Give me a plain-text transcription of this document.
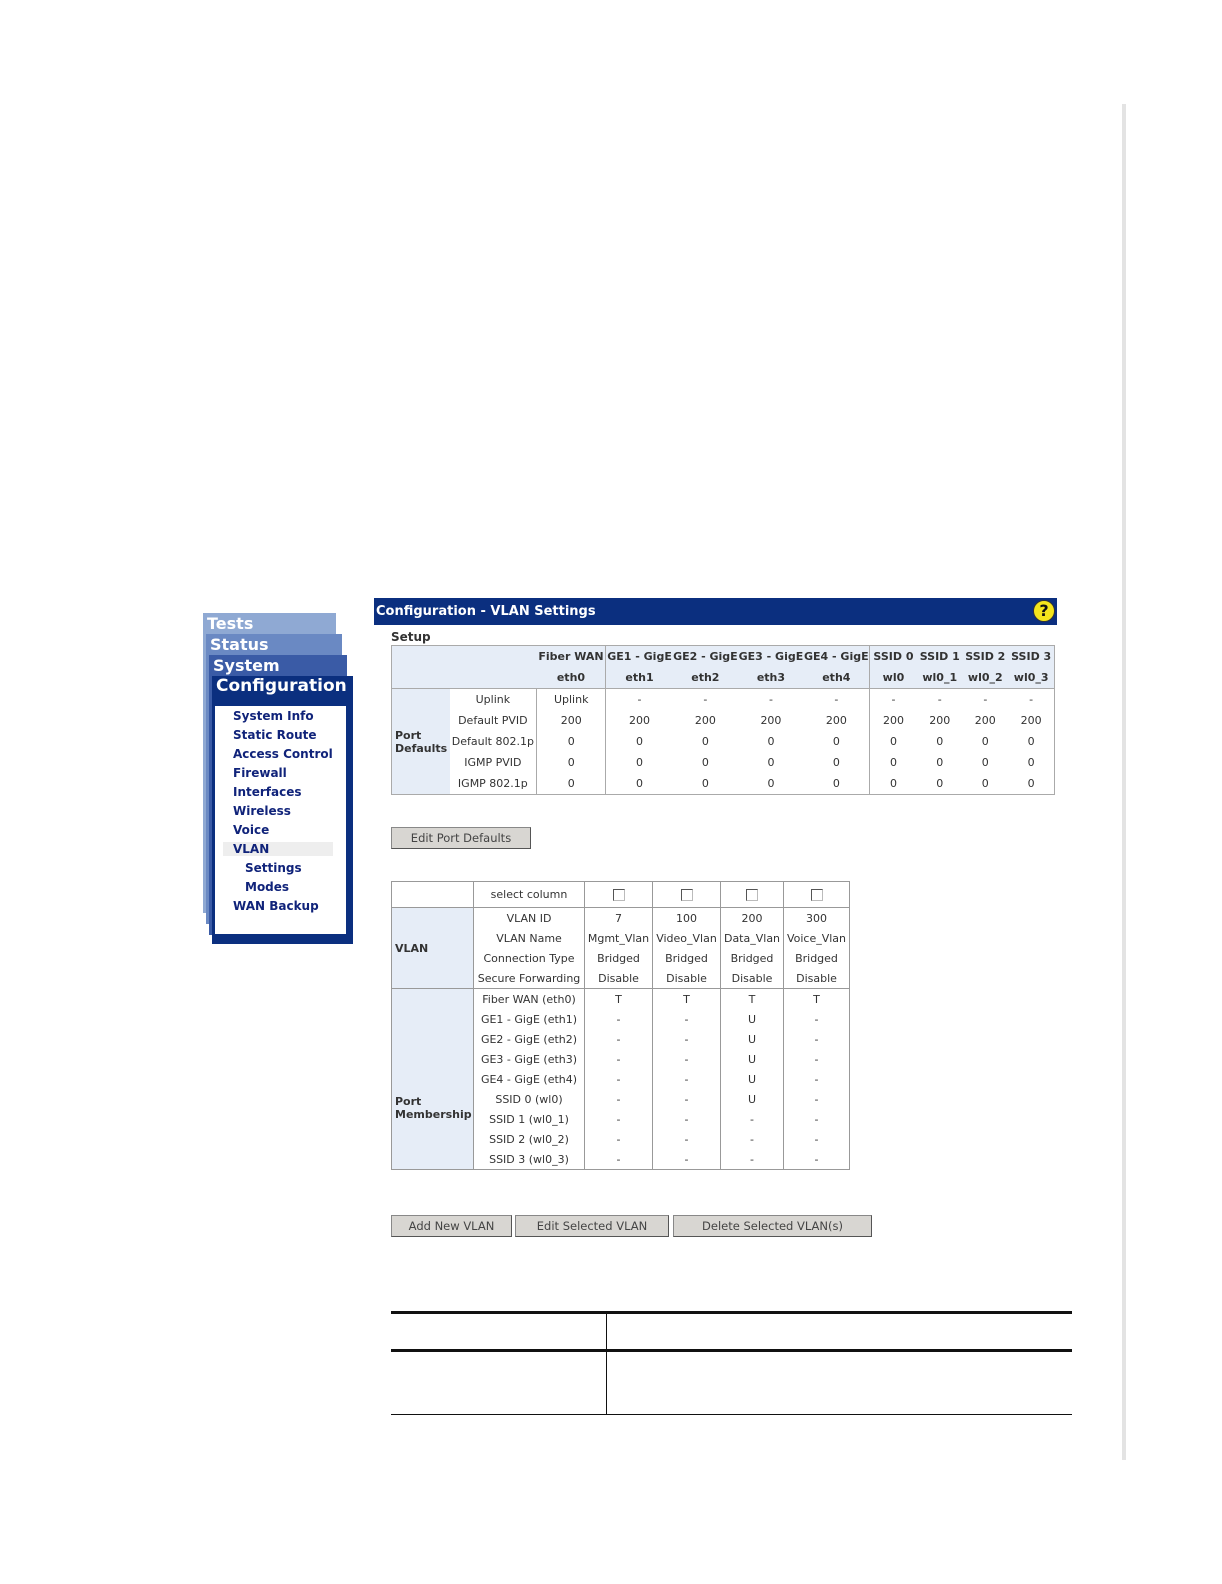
Tests
Status
System
Configuration
System Info
Static Route
Access Control
Firewall
Interfaces
Wireless
Voice
VLAN
Settings
Modes
WAN Backup
Configuration - VLAN Settings	?
Setup
		Fiber WAN	GE1 - GigE	GE2 - GigE	GE3 - GigE	GE4 - GigE	SSID 0	SSID 1	SSID 2	SSID 3
		eth0	eth1	eth2	eth3	eth4	wl0	wl0_1	wl0_2	wl0_3
Port
Defaults	Uplink	Uplink	-	-	-	-	-	-	-	-
	Default PVID	200	200	200	200	200	200	200	200	200
	Default 802.1p	0	0	0	0	0	0	0	0	0
	IGMP PVID	0	0	0	0	0	0	0	0	0
	IGMP 802.1p	0	0	0	0	0	0	0	0	0
Edit Port Defaults
	select column				
VLAN	VLAN ID	7	100	200	300
	VLAN Name	Mgmt_Vlan	Video_Vlan	Data_Vlan	Voice_Vlan
	Connection Type	Bridged	Bridged	Bridged	Bridged
	Secure Forwarding	Disable	Disable	Disable	Disable
Port
Membership	Fiber WAN (eth0)	T	T	T	T
	GE1 - GigE (eth1)	-	-	U	-
	GE2 - GigE (eth2)	-	-	U	-
	GE3 - GigE (eth3)	-	-	U	-
	GE4 - GigE (eth4)	-	-	U	-
	SSID 0 (wl0)	-	-	U	-
	SSID 1 (wl0_1)	-	-	-	-
	SSID 2 (wl0_2)	-	-	-	-
	SSID 3 (wl0_3)	-	-	-	-
Add New VLAN	Edit Selected VLAN	Delete Selected VLAN(s)
